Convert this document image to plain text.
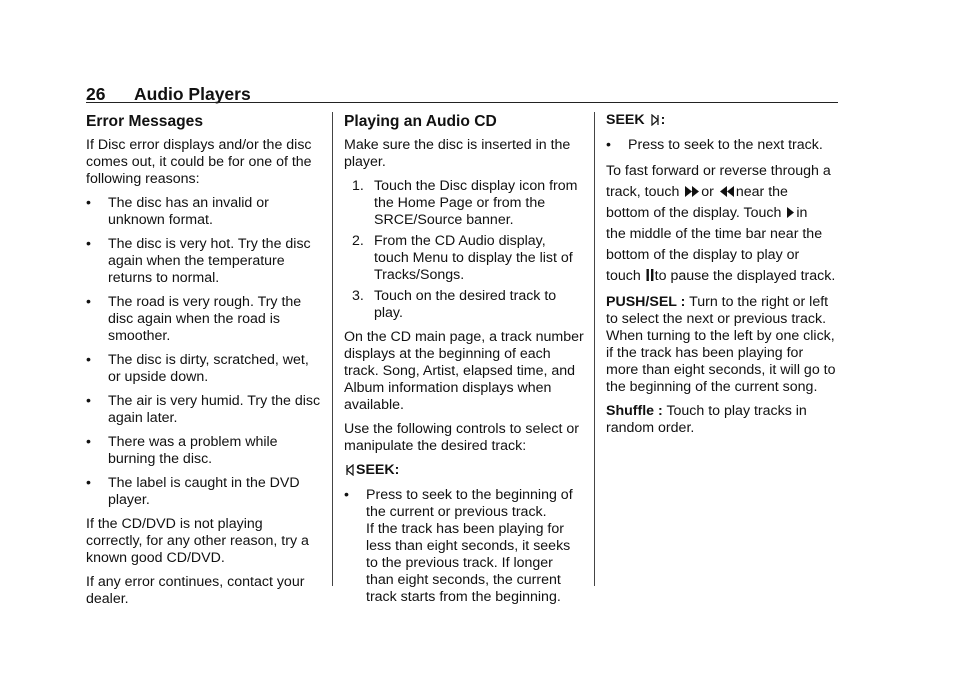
26 Audio Players
Error Messages

If Disc error displays and/or the disc comes out, it could be for one of the following reasons:

• The disc has an invalid or unknown format.
• The disc is very hot. Try the disc again when the temperature returns to normal.
• The road is very rough. Try the disc again when the road is smoother.
• The disc is dirty, scratched, wet, or upside down.
• The air is very humid. Try the disc again later.
• There was a problem while burning the disc.
• The label is caught in the DVD player.

If the CD/DVD is not playing correctly, for any other reason, try a known good CD/DVD.

If any error continues, contact your dealer.

Playing an Audio CD

Make sure the disc is inserted in the player.

1. Touch the Disc display icon from the Home Page or from the SRCE/Source banner.
2. From the CD Audio display, touch Menu to display the list of Tracks/Songs.
3. Touch on the desired track to play.

On the CD main page, a track number displays at the beginning of each track. Song, Artist, elapsed time, and Album information displays when available.

Use the following controls to select or manipulate the desired track:

SEEK:

• Press to seek to the beginning of the current or previous track.
If the track has been playing for less than eight seconds, it seeks to the previous track. If longer than eight seconds, the current track starts from the beginning.

SEEK :

• Press to seek to the next track.

To fast forward or reverse through a
track, touch or near the
bottom of the display. Touch in
the middle of the time bar near the bottom of the display to play or
touch to pause the displayed track.

PUSH/SEL : Turn to the right or left to select the next or previous track. When turning to the left by one click, if the track has been playing for more than eight seconds, it will go to the beginning of the current song.

Shuffle : Touch to play tracks in random order.
